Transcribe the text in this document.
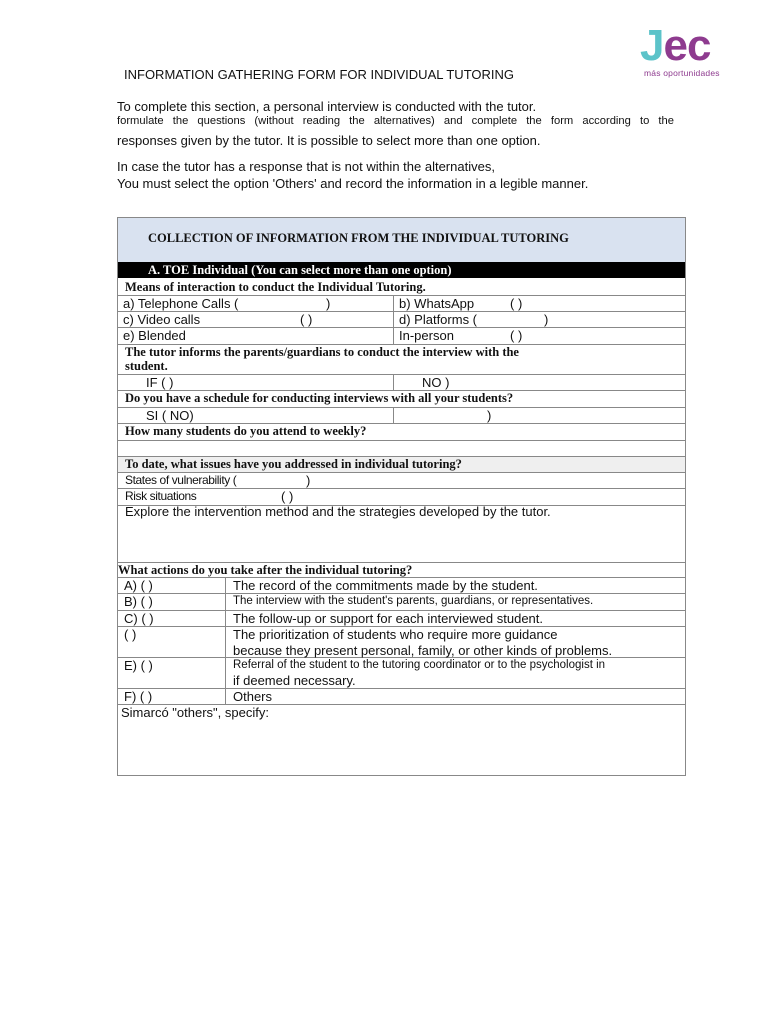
Jec
más oportunidades
INFORMATION GATHERING FORM FOR INDIVIDUAL TUTORING
To complete this section, a personal interview is conducted with the tutor.
formulate the questions (without reading the alternatives) and complete the form according to the
responses given by the tutor. It is possible to select more than one option.
In case the tutor has a response that is not within the alternatives,
You must select the option 'Others' and record the information in a legible manner.
COLLECTION OF INFORMATION FROM THE INDIVIDUAL TUTORING
A. TOE Individual (You can select more than one option)
Means of interaction to conduct the Individual Tutoring.
a) Telephone Calls (	)	b) WhatsApp	( )
c) Video calls	( )	d) Platforms (	)
e) Blended	In-person	( )
The tutor informs the parents/guardians to conduct the interview with the
student.
IF ( )	NO )
Do you have a schedule for conducting interviews with all your students?
SI ( NO)	)
How many students do you attend to weekly?
To date, what issues have you addressed in individual tutoring?
States of vulnerability (	)
Risk situations	( )
Explore the intervention method and the strategies developed by the tutor.
What actions do you take after the individual tutoring?
A) ( )	The record of the commitments made by the student.
B) ( )	The interview with the student's parents, guardians, or representatives.
C) ( )	The follow-up or support for each interviewed student.
( )	The prioritization of students who require more guidance
because they present personal, family, or other kinds of problems.
E) ( )	Referral of the student to the tutoring coordinator or to the psychologist in
if deemed necessary.
F) ( )	Others
Simarcó "others", specify:
